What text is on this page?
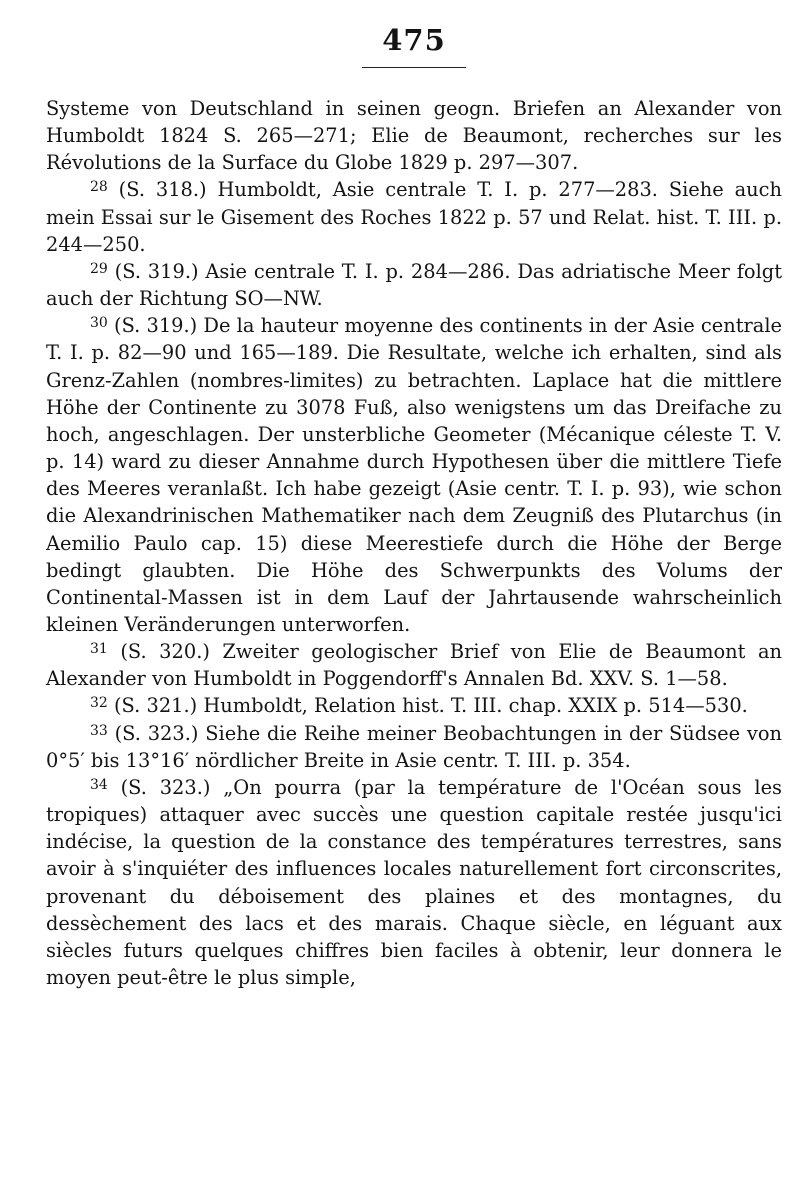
475

Systeme von Deutschland in seinen geogn. Briefen an Alexander von Humboldt 1824 S. 265—271; Elie de Beaumont, recherches sur les Révolutions de la Surface du Globe 1829 p. 297—307.

$^{28}$ (S. 318.) Humboldt, Asie centrale T. I. p. 277—283. Siehe auch mein Essai sur le Gisement des Roches 1822 p. 57 und Relat. hist. T. III. p. 244—250.

$^{29}$ (S. 319.) Asie centrale T. I. p. 284—286. Das adriatische Meer folgt auch der Richtung SO—NW.

$^{30}$ (S. 319.) De la hauteur moyenne des continents in der Asie centrale T. I. p. 82—90 und 165—189. Die Resultate, welche ich erhalten, sind als Grenz-Zahlen (nombres-limites) zu betrachten. Laplace hat die mittlere Höhe der Continente zu 3078 Fuß, also wenigstens um das Dreifache zu hoch, angeschlagen. Der unsterbliche Geometer (Mécanique céleste T. V. p. 14) ward zu dieser Annahme durch Hypothesen über die mittlere Tiefe des Meeres veranlaßt. Ich habe gezeigt (Asie centr. T. I. p. 93), wie schon die Alexandrinischen Mathematiker nach dem Zeugniß des Plutarchus (in Aemilio Paulo cap. 15) diese Meerestiefe durch die Höhe der Berge bedingt glaubten. Die Höhe des Schwerpunkts des Volums der Continental-Massen ist in dem Lauf der Jahrtausende wahrscheinlich kleinen Veränderungen unterworfen.

$^{31}$ (S. 320.) Zweiter geologischer Brief von Elie de Beaumont an Alexander von Humboldt in Poggendorff's Annalen Bd. XXV. S. 1—58.

$^{32}$ (S. 321.) Humboldt, Relation hist. T. III. chap. XXIX p. 514—530.

$^{33}$ (S. 323.) Siehe die Reihe meiner Beobachtungen in der Südsee von 0°5′ bis 13°16′ nördlicher Breite in Asie centr. T. III. p. 354.

$^{34}$ (S. 323.) „On pourra (par la température de l'Océan sous les tropiques) attaquer avec succès une question capitale restée jusqu'ici indécise, la question de la constance des températures terrestres, sans avoir à s'inquiéter des influences locales naturellement fort circonscrites, provenant du déboisement des plaines et des montagnes, du dessèchement des lacs et des marais. Chaque siècle, en léguant aux siècles futurs quelques chiffres bien faciles à obtenir, leur donnera le moyen peut-être le plus simple,
